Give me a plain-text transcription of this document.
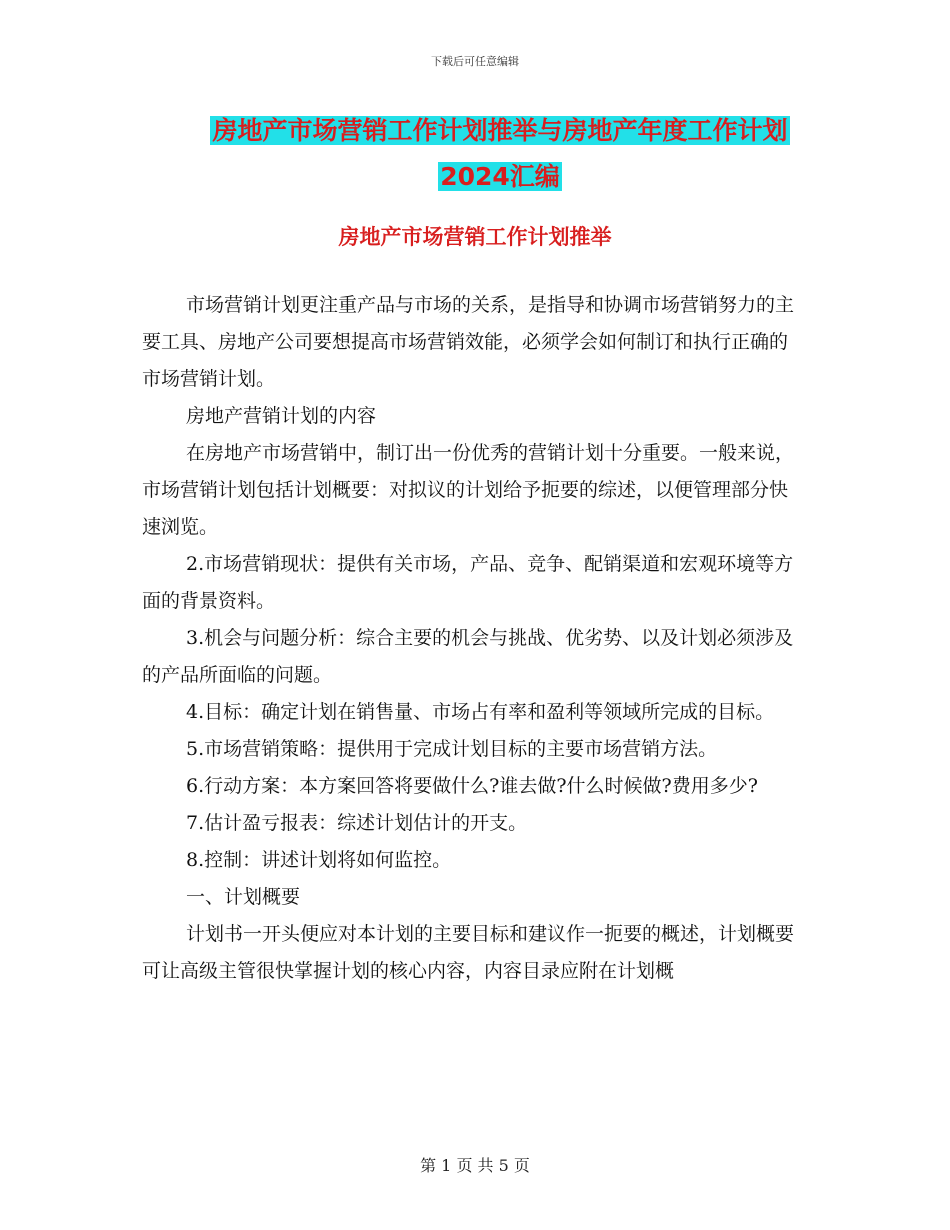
下载后可任意编辑
房地产市场营销工作计划推举与房地产年度工作计划
2024汇编
房地产市场营销工作计划推举

市场营销计划更注重产品与市场的关系，是指导和协调市场营销努力的主要工具、房地产公司要想提高市场营销效能，必须学会如何制订和执行正确的市场营销计划。

房地产营销计划的内容

在房地产市场营销中，制订出一份优秀的营销计划十分重要。一般来说，市场营销计划包括计划概要：对拟议的计划给予扼要的综述，以便管理部分快速浏览。

2.市场营销现状：提供有关市场，产品、竞争、配销渠道和宏观环境等方面的背景资料。

3.机会与问题分析：综合主要的机会与挑战、优劣势、以及计划必须涉及的产品所面临的问题。

4.目标：确定计划在销售量、市场占有率和盈利等领域所完成的目标。

5.市场营销策略：提供用于完成计划目标的主要市场营销方法。

6.行动方案：本方案回答将要做什么?谁去做?什么时候做?费用多少?

7.估计盈亏报表：综述计划估计的开支。

8.控制：讲述计划将如何监控。

一、计划概要

计划书一开头便应对本计划的主要目标和建议作一扼要的概述，计划概要可让高级主管很快掌握计划的核心内容，内容目录应附在计划概

第 1 页 共 5 页
